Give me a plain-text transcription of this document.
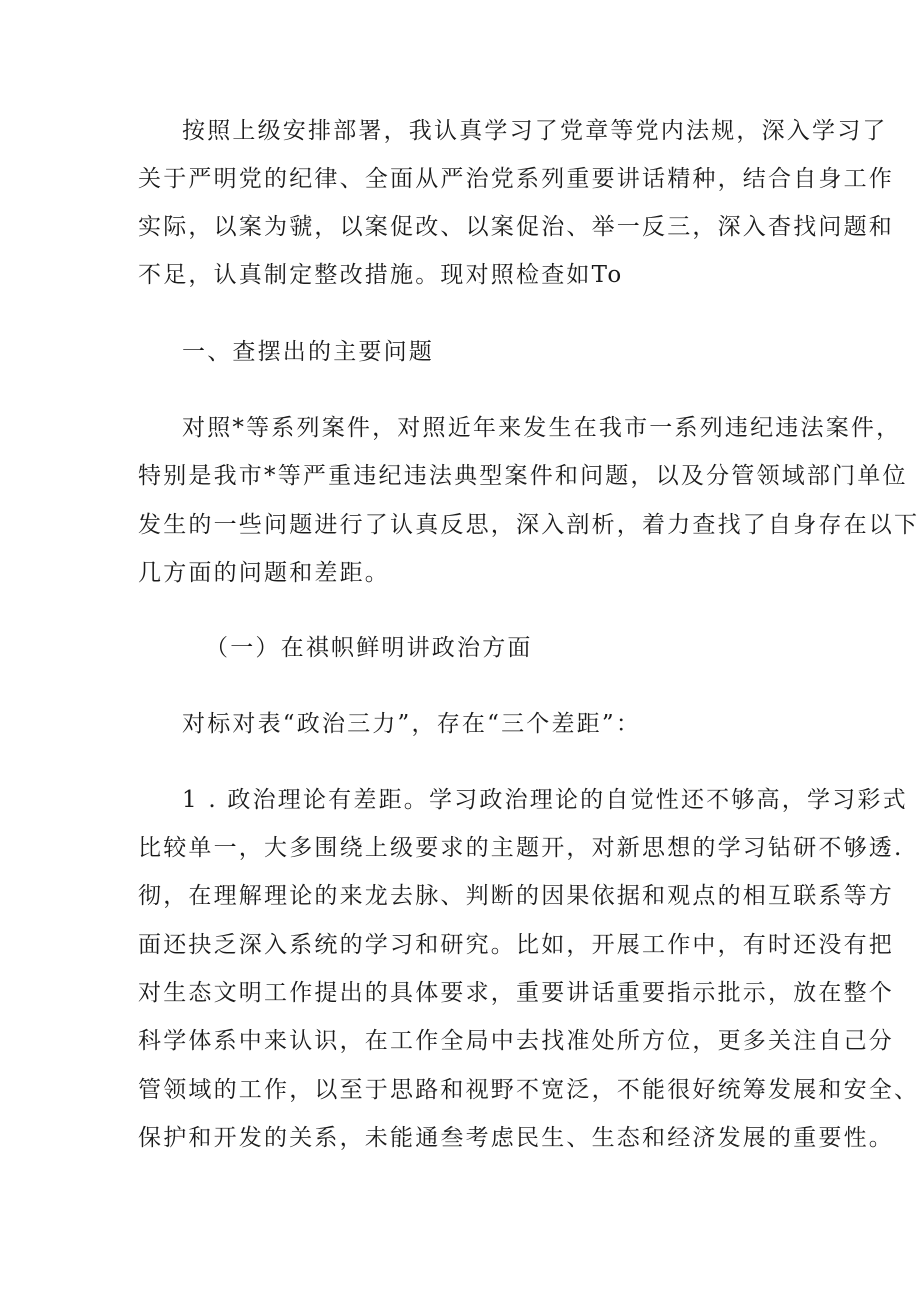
按照上级安排部署，我认真学习了党章等党内法规，深入学习了
关于严明党的纪律、全面从严治党系列重要讲话精种，结合自身工作
实际，以案为虢，以案促改、以案促治、举一反三，深入杳找问题和
不足，认真制定整改措施。现对照检查如To
一、查摆出的主要问题
对照*等系列案件，对照近年来发生在我市一系列违纪违法案件，
特别是我市*等严重违纪违法典型案件和问题，以及分管领域部门单位
发生的一些问题进行了认真反思，深入剖析，着力查找了自身存在以下
几方面的问题和差距。
（一）在祺帜鲜明讲政治方面
对标对表“政治三力”，存在“三个差距”：
1 . 政治理论有差距。学习政治理论的自觉性还不够高，学习彩式
比较单一，大多围绕上级要求的主题开，对新思想的学习钻研不够透.
彻，在理解理论的来龙去脉、判断的因果依据和观点的相互联系等方
面还抉乏深入系统的学习和研究。比如，开展工作中，有时还没有把
对生态文明工作提出的具体要求，重要讲话重要指示批示，放在整个
科学体系中来认识，在工作全局中去找准处所方位，更多关注自己分
管领域的工作，以至于思路和视野不宽泛，不能很好统筹发展和安全、
保护和开发的关系，未能通叁考虑民生、生态和经济发展的重要性。
